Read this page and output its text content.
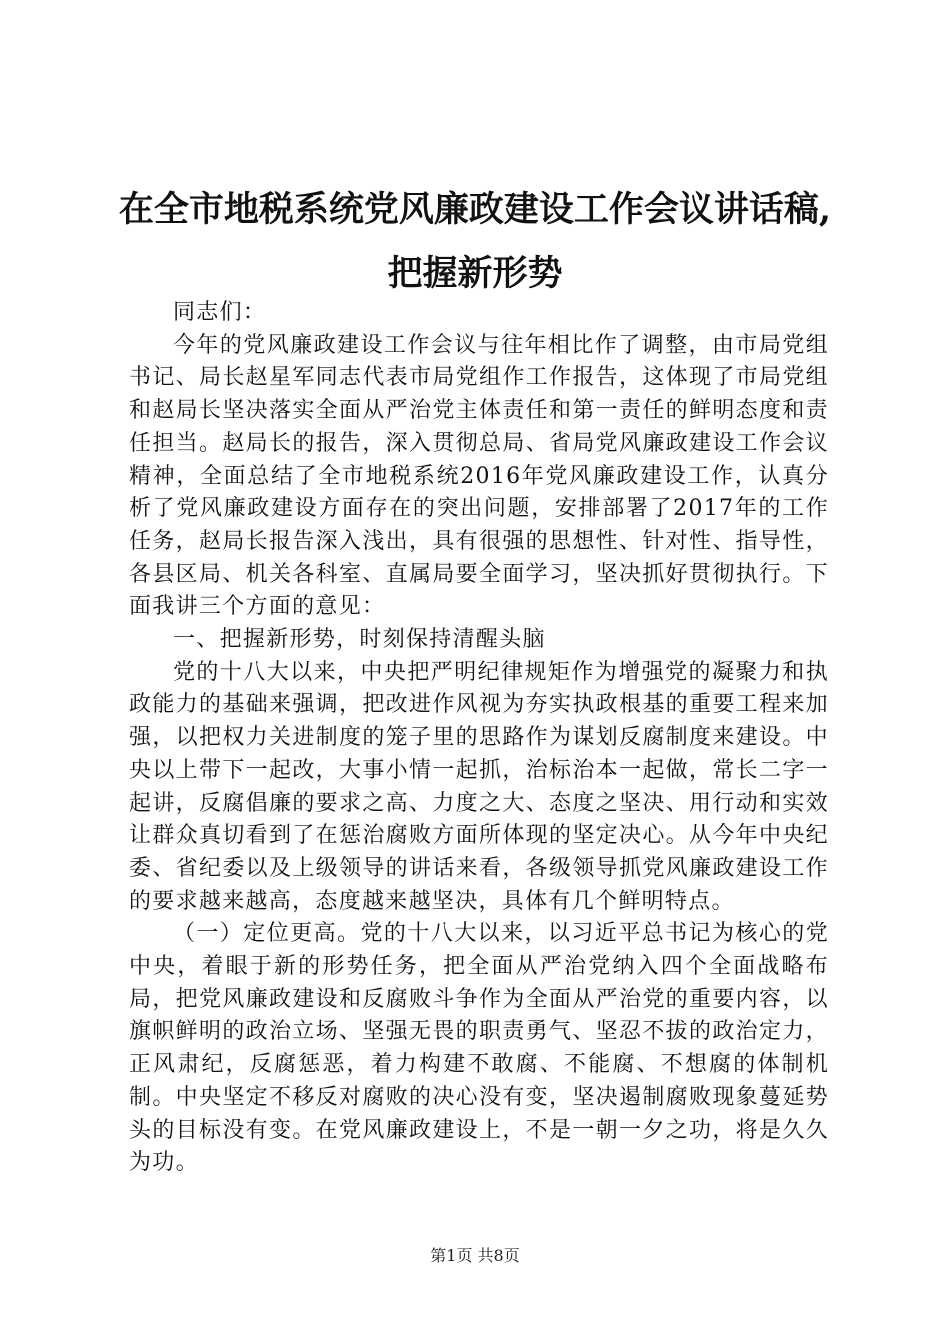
在全市地税系统党风廉政建设工作会议讲话稿,
把握新形势

同志们：

今年的党风廉政建设工作会议与往年相比作了调整，由市局党组书记、局长赵星军同志代表市局党组作工作报告，这体现了市局党组和赵局长坚决落实全面从严治党主体责任和第一责任的鲜明态度和责任担当。赵局长的报告，深入贯彻总局、省局党风廉政建设工作会议精神，全面总结了全市地税系统2016年党风廉政建设工作，认真分析了党风廉政建设方面存在的突出问题，安排部署了2017年的工作任务，赵局长报告深入浅出，具有很强的思想性、针对性、指导性，各县区局、机关各科室、直属局要全面学习，坚决抓好贯彻执行。下面我讲三个方面的意见：

一、把握新形势，时刻保持清醒头脑

党的十八大以来，中央把严明纪律规矩作为增强党的凝聚力和执政能力的基础来强调，把改进作风视为夯实执政根基的重要工程来加强，以把权力关进制度的笼子里的思路作为谋划反腐制度来建设。中央以上带下一起改，大事小情一起抓，治标治本一起做，常长二字一起讲，反腐倡廉的要求之高、力度之大、态度之坚决、用行动和实效让群众真切看到了在惩治腐败方面所体现的坚定决心。从今年中央纪委、省纪委以及上级领导的讲话来看，各级领导抓党风廉政建设工作的要求越来越高，态度越来越坚决，具体有几个鲜明特点。

（一）定位更高。党的十八大以来，以习近平总书记为核心的党中央，着眼于新的形势任务，把全面从严治党纳入四个全面战略布局，把党风廉政建设和反腐败斗争作为全面从严治党的重要内容，以旗帜鲜明的政治立场、坚强无畏的职责勇气、坚忍不拔的政治定力，正风肃纪，反腐惩恶，着力构建不敢腐、不能腐、不想腐的体制机制。中央坚定不移反对腐败的决心没有变，坚决遏制腐败现象蔓延势头的目标没有变。在党风廉政建设上，不是一朝一夕之功，将是久久为功。

第1页 共8页
